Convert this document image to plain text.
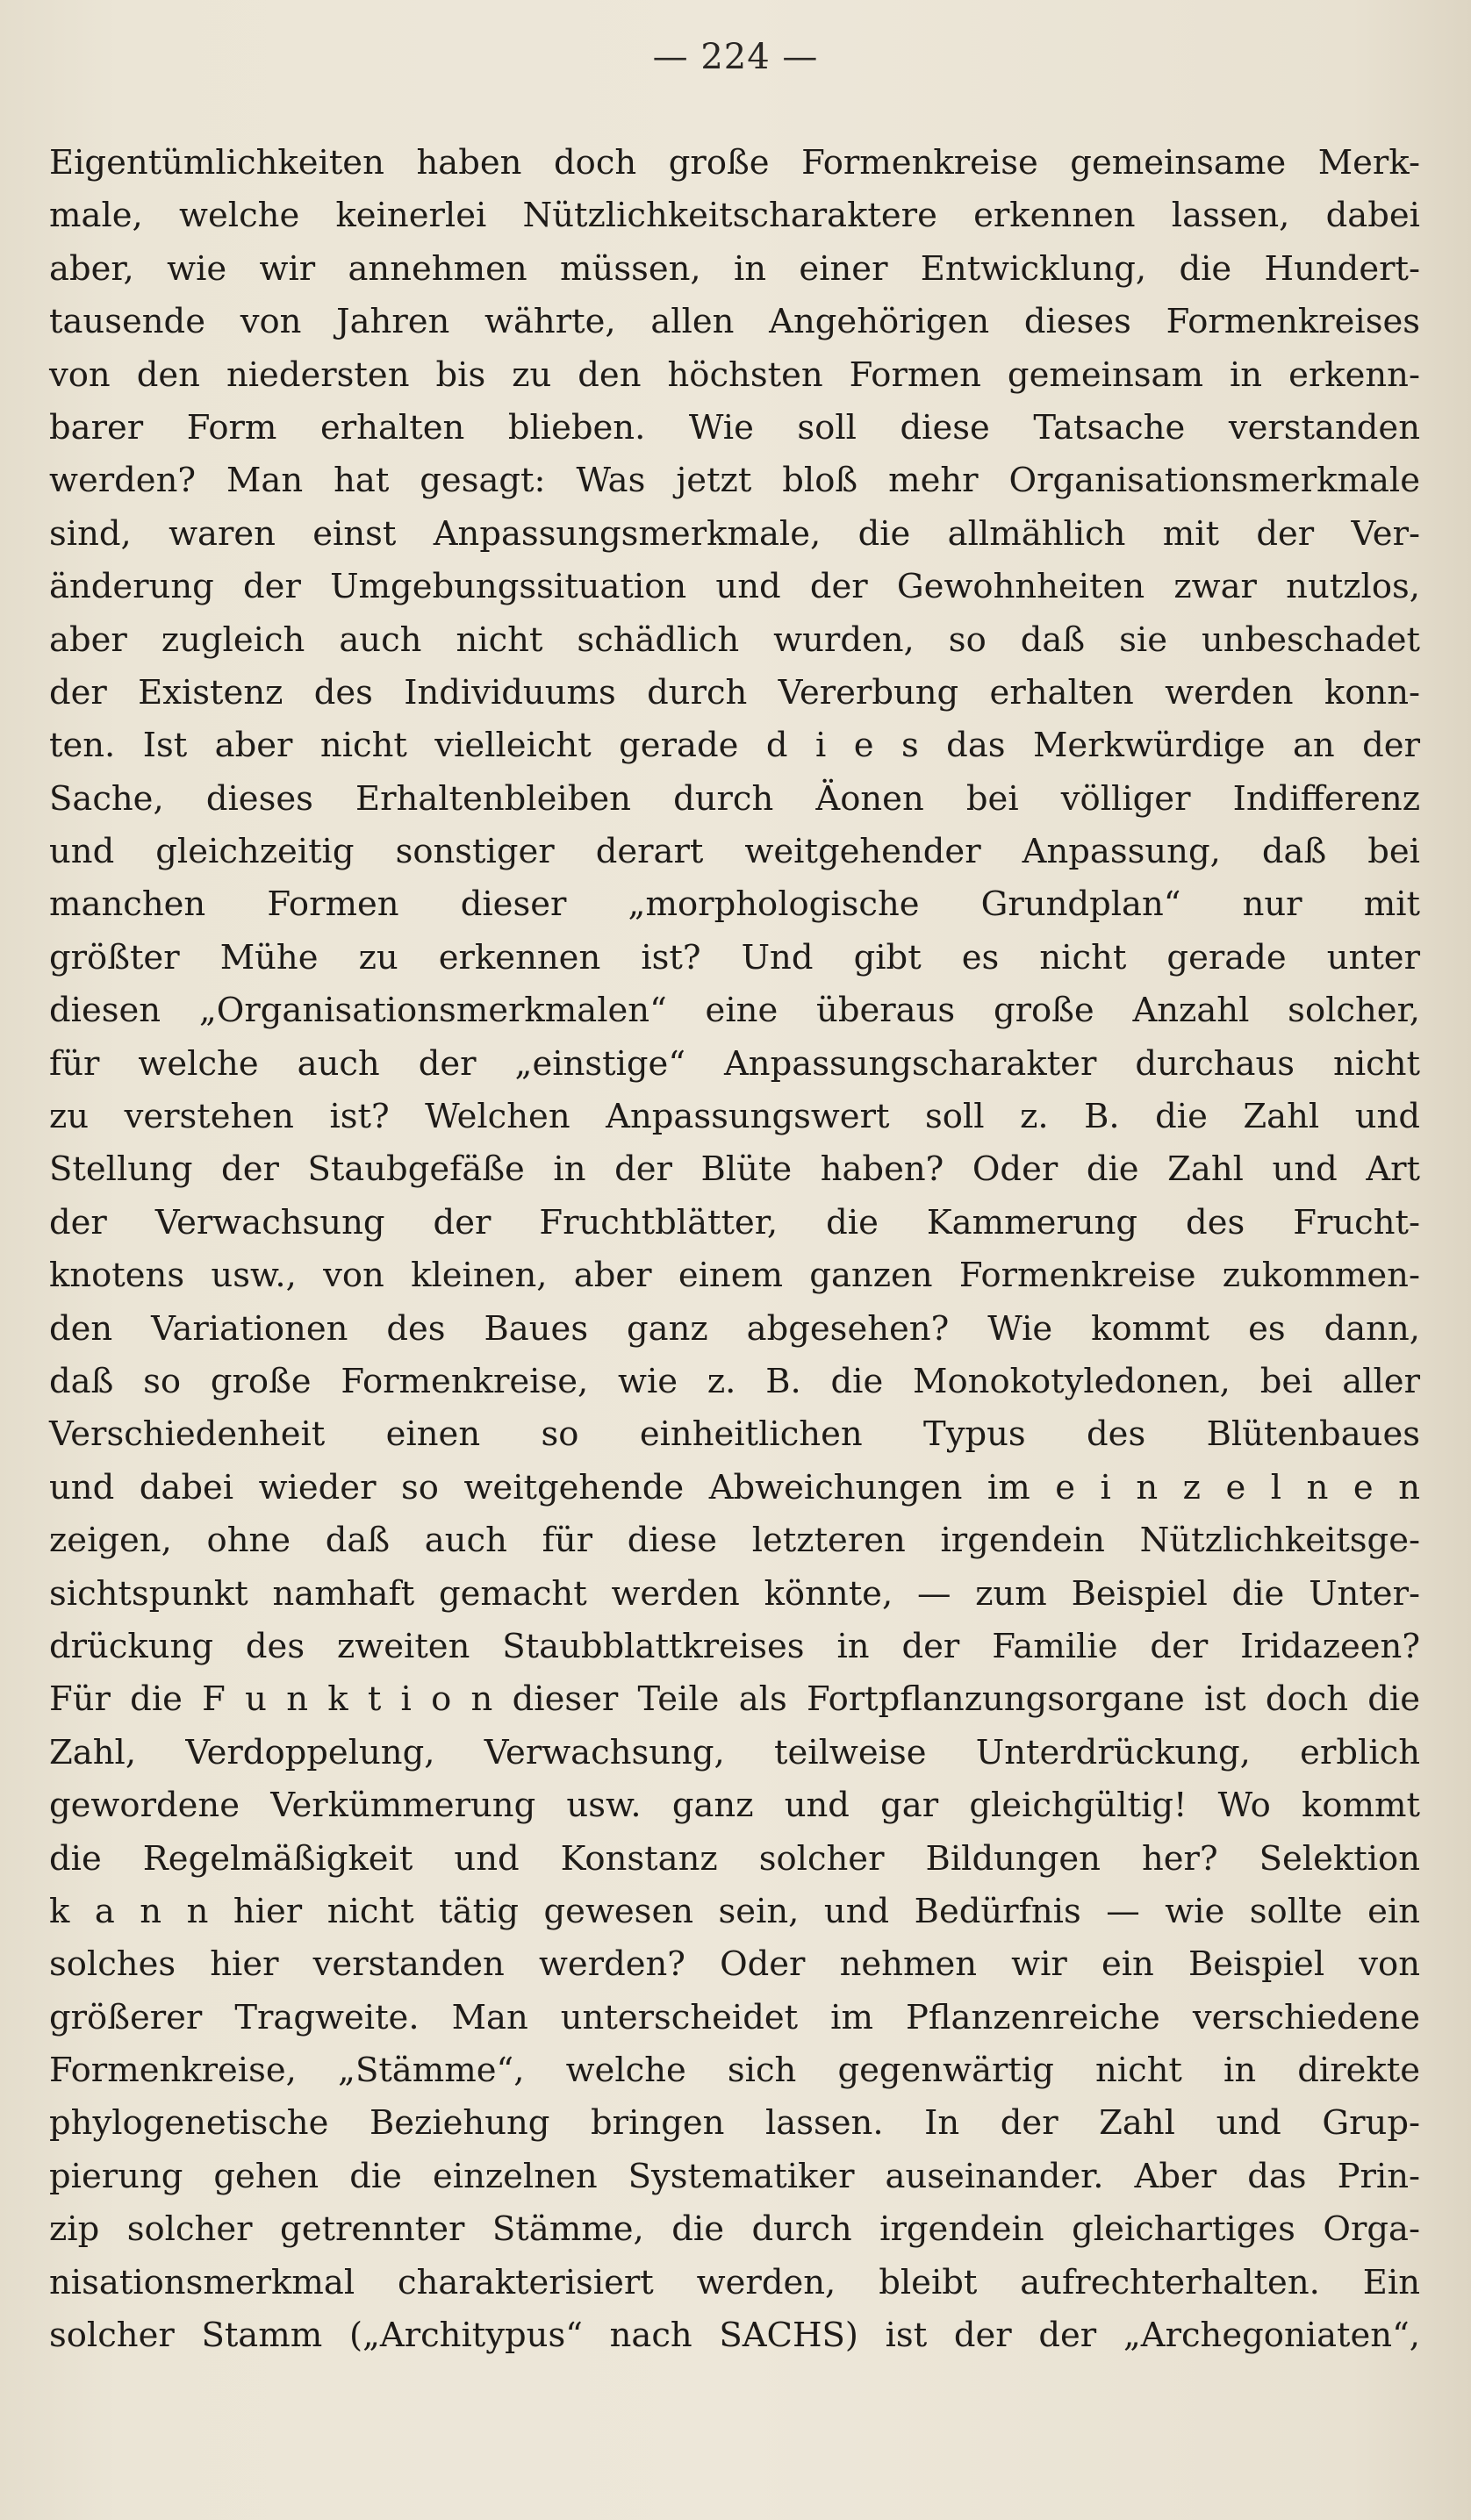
— 224 —
Eigentümlichkeiten haben doch große Formenkreise gemeinsame Merk-
male, welche keinerlei Nützlichkeitscharaktere erkennen lassen, dabei
aber, wie wir annehmen müssen, in einer Entwicklung, die Hundert-
tausende von Jahren währte, allen Angehörigen dieses Formenkreises
von den niedersten bis zu den höchsten Formen gemeinsam in erkenn-
barer Form erhalten blieben. Wie soll diese Tatsache verstanden
werden? Man hat gesagt: Was jetzt bloß mehr Organisationsmerkmale
sind, waren einst Anpassungsmerkmale, die allmählich mit der Ver-
änderung der Umgebungssituation und der Gewohnheiten zwar nutzlos,
aber zugleich auch nicht schädlich wurden, so daß sie unbeschadet
der Existenz des Individuums durch Vererbung erhalten werden konn-
ten. Ist aber nicht vielleicht gerade d i e s das Merkwürdige an der
Sache, dieses Erhaltenbleiben durch Äonen bei völliger Indifferenz
und gleichzeitig sonstiger derart weitgehender Anpassung, daß bei
manchen Formen dieser „morphologische Grundplan“ nur mit
größter Mühe zu erkennen ist? Und gibt es nicht gerade unter
diesen „Organisationsmerkmalen“ eine überaus große Anzahl solcher,
für welche auch der „einstige“ Anpassungscharakter durchaus nicht
zu verstehen ist? Welchen Anpassungswert soll z. B. die Zahl und
Stellung der Staubgefäße in der Blüte haben? Oder die Zahl und Art
der Verwachsung der Fruchtblätter, die Kammerung des Frucht-
knotens usw., von kleinen, aber einem ganzen Formenkreise zukommen-
den Variationen des Baues ganz abgesehen? Wie kommt es dann,
daß so große Formenkreise, wie z. B. die Monokotyledonen, bei aller
Verschiedenheit einen so einheitlichen Typus des Blütenbaues
und dabei wieder so weitgehende Abweichungen im e i n z e l n e n
zeigen, ohne daß auch für diese letzteren irgendein Nützlichkeitsge-
sichtspunkt namhaft gemacht werden könnte, — zum Beispiel die Unter-
drückung des zweiten Staubblattkreises in der Familie der Iridazeen?
Für die F u n k t i o n dieser Teile als Fortpflanzungsorgane ist doch die
Zahl, Verdoppelung, Verwachsung, teilweise Unterdrückung, erblich
gewordene Verkümmerung usw. ganz und gar gleichgültig! Wo kommt
die Regelmäßigkeit und Konstanz solcher Bildungen her? Selektion
k a n n hier nicht tätig gewesen sein, und Bedürfnis — wie sollte ein
solches hier verstanden werden? Oder nehmen wir ein Beispiel von
größerer Tragweite. Man unterscheidet im Pflanzenreiche verschiedene
Formenkreise, „Stämme“, welche sich gegenwärtig nicht in direkte
phylogenetische Beziehung bringen lassen. In der Zahl und Grup-
pierung gehen die einzelnen Systematiker auseinander. Aber das Prin-
zip solcher getrennter Stämme, die durch irgendein gleichartiges Orga-
nisationsmerkmal charakterisiert werden, bleibt aufrechterhalten. Ein
solcher Stamm („Architypus“ nach SACHS) ist der der „Archegoniaten“,
